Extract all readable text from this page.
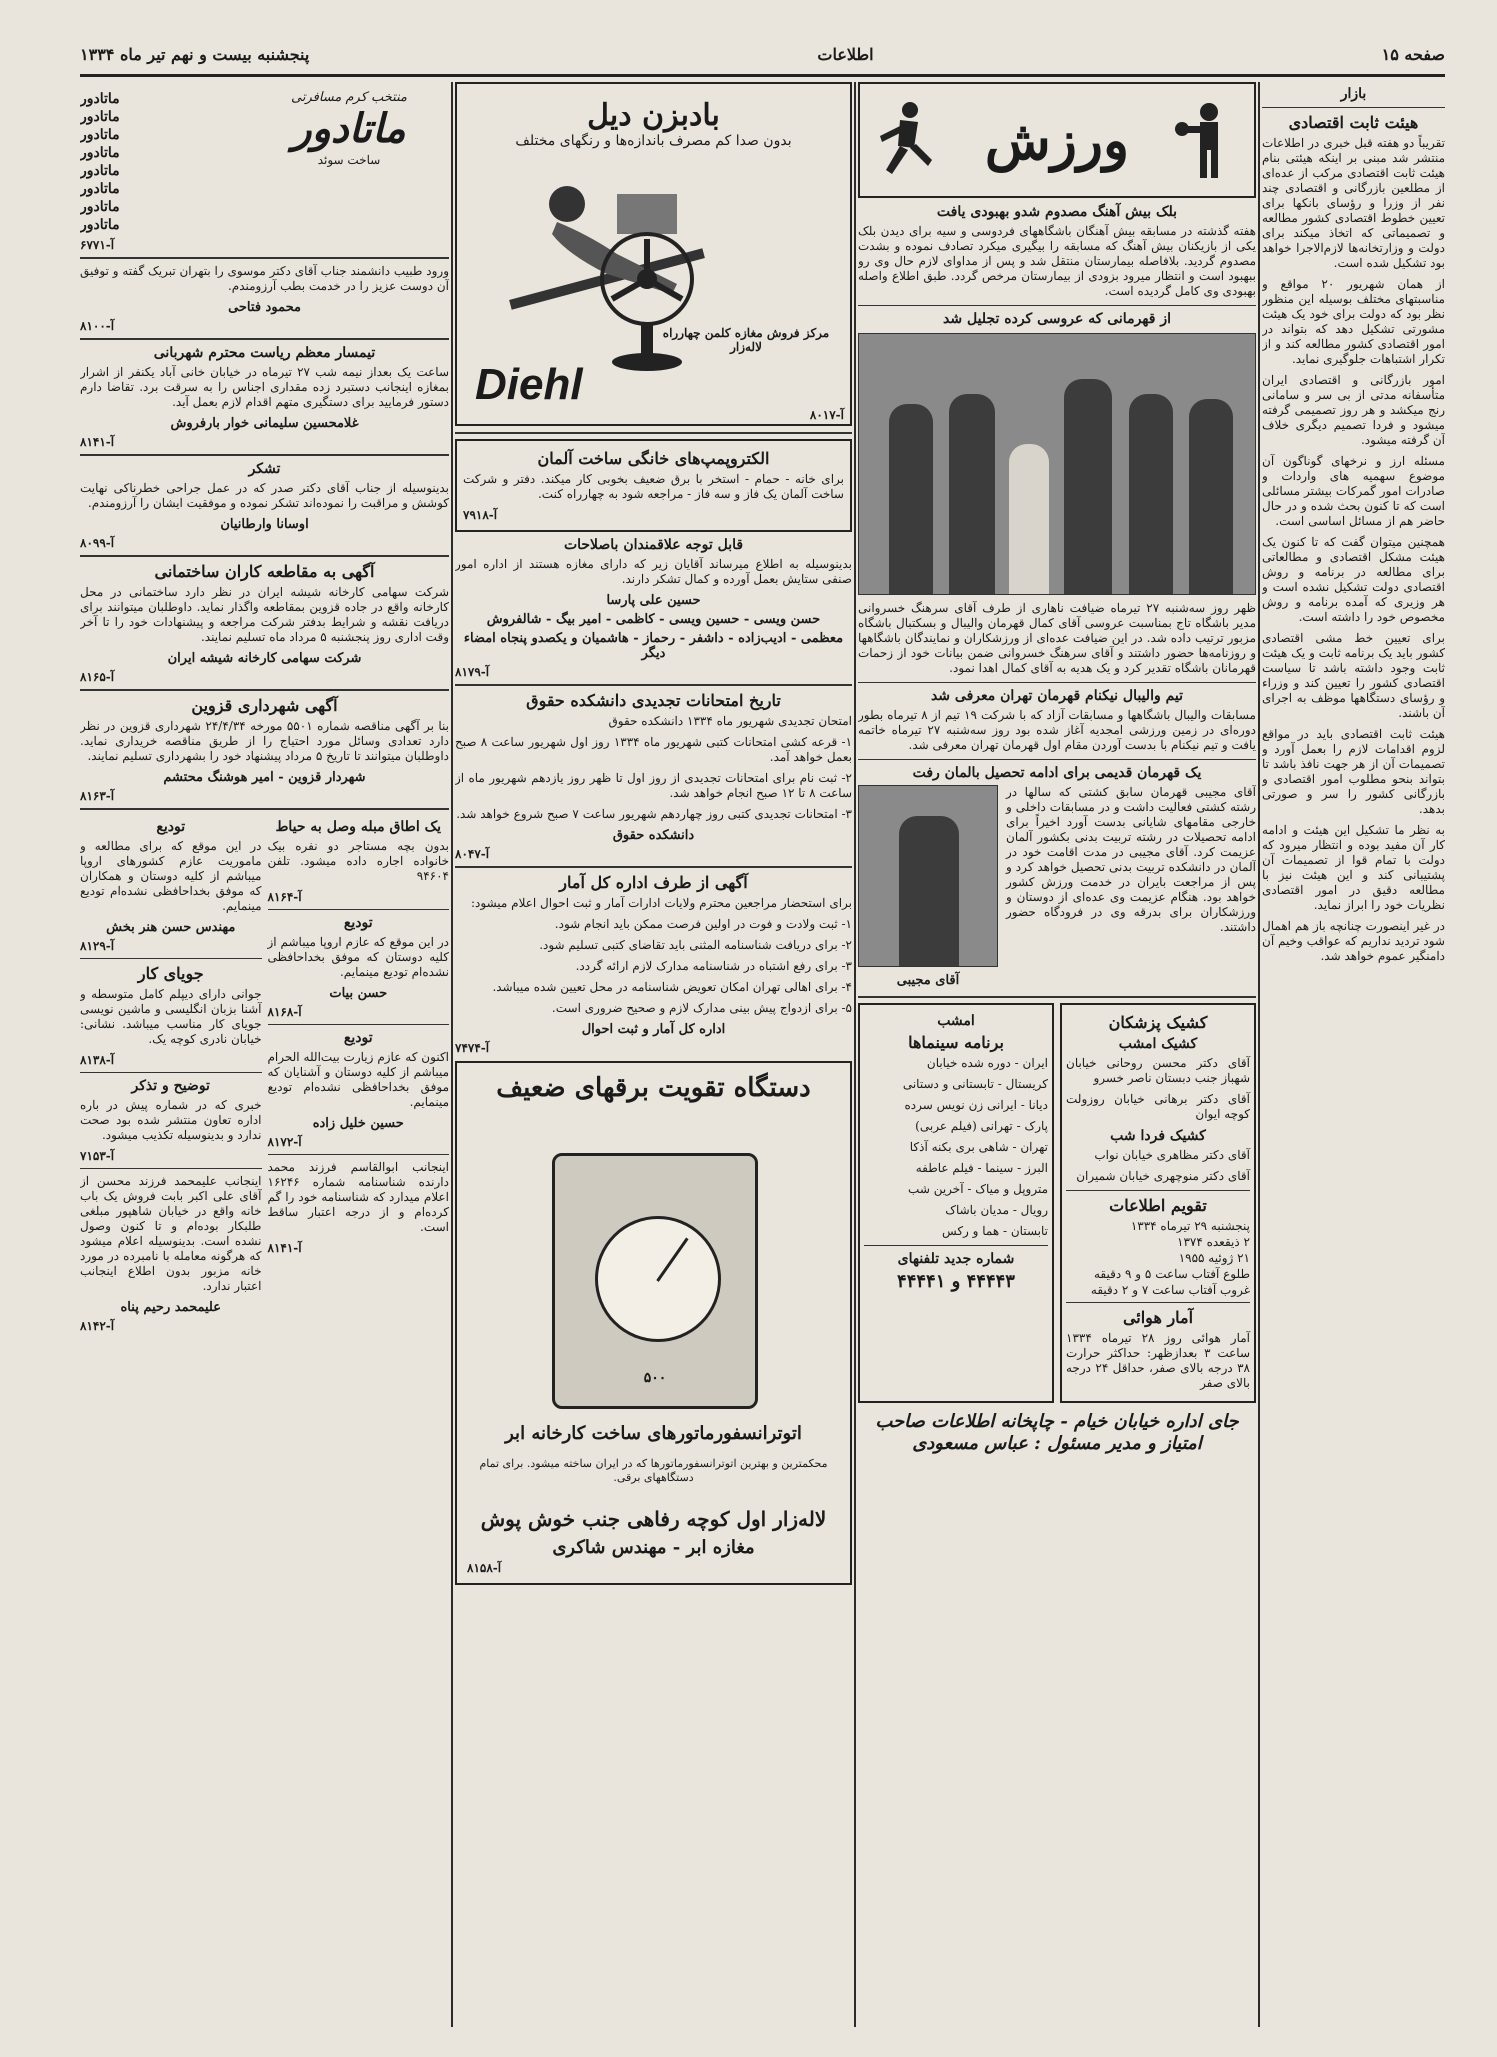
صفحه ۱۵
اطلاعات
پنجشنبه بیست و نهم تیر ماه ۱۳۳۴
بازار
هیئت ثابت اقتصادی

تقریباً دو هفته قبل خبری در اطلاعات منتشر شد مبنی بر اینکه هیئتی بنام هیئت ثابت اقتصادی مرکب از عده‌ای از مطلعین بازرگانی و اقتصادی چند نفر از وزرا و رؤسای بانکها برای تعیین خطوط اقتصادی کشور مطالعه و تصمیماتی که اتخاذ میکند برای دولت و وزارتخانه‌ها لازم‌الاجرا خواهد بود تشکیل شده است.

از همان شهریور ۲۰ مواقع و مناسبتهای مختلف بوسیله این منظور نظر بود که دولت برای خود یک هیئت مشورتی تشکیل دهد که بتواند در امور اقتصادی کشور مطالعه کند و از تکرار اشتباهات جلوگیری نماید.

امور بازرگانی و اقتصادی ایران متأسفانه مدتی از بی سر و سامانی رنج میکشد و هر روز تصمیمی گرفته میشود و فردا تصمیم دیگری خلاف آن گرفته میشود.

مسئله ارز و نرخهای گوناگون آن موضوع سهمیه های واردات و صادرات امور گمرکات بیشتر مسائلی است که تا کنون بحث شده و در حال حاضر هم از مسائل اساسی است.

همچنین میتوان گفت که تا کنون یک هیئت مشکل اقتصادی و مطالعاتی برای مطالعه در برنامه و روش اقتصادی دولت تشکیل نشده است و هر وزیری که آمده برنامه و روش مخصوص خود را داشته است.

برای تعیین خط مشی اقتصادی کشور باید یک برنامه ثابت و یک هیئت ثابت وجود داشته باشد تا سیاست اقتصادی کشور را تعیین کند و وزراء و رؤسای دستگاهها موظف به اجرای آن باشند.

هیئت ثابت اقتصادی باید در مواقع لزوم اقدامات لازم را بعمل آورد و تصمیمات آن از هر جهت نافذ باشد تا بتواند بنحو مطلوب امور اقتصادی و بازرگانی کشور را سر و صورتی بدهد.

به نظر ما تشکیل این هیئت و ادامه کار آن مفید بوده و انتظار میرود که دولت با تمام قوا از تصمیمات آن پشتیبانی کند و این هیئت نیز با مطالعه دقیق در امور اقتصادی نظریات خود را ابراز نماید.

در غیر اینصورت چنانچه باز هم اهمال شود تردید نداریم که عواقب وخیم آن دامنگیر عموم خواهد شد.

ورزش
بلک بیش آهنگ مصدوم شدو بهبودی یافت

هفته گذشته در مسابقه بیش آهنگان باشگاههای فردوسی و سیه برای دیدن بلک یکی از بازیکنان بیش آهنگ که مسابقه را بیگیری میکرد تصادف نموده و بشدت مصدوم گردید. بلافاصله بیمارستان منتقل شد و پس از مداوای لازم حال وی رو ببهبود است و انتظار میرود بزودی از بیمارستان مرخص گردد. طبق اطلاع واصله بهبودی وی کامل گردیده است.

از قهرمانی که عروسی کرده تجلیل شد

ظهر روز سه‌شنبه ۲۷ تیرماه ضیافت ناهاری از طرف آقای سرهنگ خسروانی مدیر باشگاه تاج بمناسبت عروسی آقای کمال قهرمان والیبال و بسکتبال باشگاه مزبور ترتیب داده شد. در این ضیافت عده‌ای از ورزشکاران و نمایندگان باشگاهها و روزنامه‌ها حضور داشتند و آقای سرهنگ خسروانی ضمن بیانات خود از زحمات قهرمانان باشگاه تقدیر کرد و یک هدیه به آقای کمال اهدا نمود.

تیم والیبال نیکنام قهرمان تهران معرفی شد

مسابقات والیبال باشگاهها و مسابقات آزاد که با شرکت ۱۹ تیم از ۸ تیرماه بطور دوره‌ای در زمین ورزشی امجدیه آغاز شده بود روز سه‌شنبه ۲۷ تیرماه خاتمه یافت و تیم نیکنام با بدست آوردن مقام اول قهرمان تهران معرفی شد.

یک قهرمان قدیمی برای ادامه تحصیل بالمان رفت

آقای مجیبی قهرمان سابق کشتی که سالها در رشته کشتی فعالیت داشت و در مسابقات داخلی و خارجی مقامهای شایانی بدست آورد اخیراً برای ادامه تحصیلات در رشته تربیت بدنی بکشور آلمان عزیمت کرد. آقای مجیبی در مدت اقامت خود در آلمان در دانشکده تربیت بدنی تحصیل خواهد کرد و پس از مراجعت بایران در خدمت ورزش کشور خواهد بود. هنگام عزیمت وی عده‌ای از دوستان و ورزشکاران برای بدرقه وی در فرودگاه حضور داشتند.

آقای مجیبی
کشیک پزشکان
کشیک امشب

آقای دکتر محسن روحانی خیابان شهباز جنب دبستان ناصر خسرو

آقای دکتر برهانی خیابان روزولت کوچه ایوان

کشیک فردا شب

آقای دکتر مظاهری خیابان نواب

آقای دکتر منوچهری خیابان شمیران

تقویم اطلاعات
پنجشنبه ۲۹ تیرماه ۱۳۳۴
۲ ذیقعده ۱۳۷۴
۲۱ ژوئیه ۱۹۵۵
طلوع آفتاب ساعت ۵ و ۹ دقیقه
غروب آفتاب ساعت ۷ و ۲ دقیقه
آمار هوائی

آمار هوائی روز ۲۸ تیرماه ۱۳۳۴ ساعت ۳ بعدازظهر: حداکثر حرارت ۳۸ درجه بالای صفر، حداقل ۲۴ درجه بالای صفر

امشب
برنامه سینماها

ایران - دوره شده خیابان

کریستال - تابستانی و دستانی

دیانا - ایرانی زن نویس سرده

پارک - تهرانی (فیلم عربی)

تهران - شاهی بری بکنه آذکا

البرز - سینما - فیلم عاطفه

متروپل و میاک - آخرین شب

رویال - مدیان باشاک

تابستان - هما و رکس

شماره جدید تلفنهای
۴۴۴۴۳ و ۴۴۴۴۱
جای اداره خیابان خیام - چاپخانه اطلاعات صاحب امتیاز و مدیر مسئول : عباس مسعودی
بادبزن دیل
بدون صدا کم مصرف باندازه‌ها و رنگهای مختلف
مرکز فروش مغازه کلمن چهارراه لاله‌زار
Diehl
آ-۸۰۱۷
الکتروپمپ‌های خانگی ساخت آلمان

برای خانه - حمام - استخر با برق ضعیف بخوبی کار میکند. دفتر و شرکت ساخت آلمان یک فاز و سه فاز - مراجعه شود به چهارراه کنت.

آ-۷۹۱۸
قابل توجه علاقمندان باصلاحات

بدینوسیله به اطلاع میرساند آقایان زیر که دارای مغازه هستند از اداره امور صنفی ستایش بعمل آورده و کمال تشکر دارند.

حسین علی پارسا
حسن ویسی - حسین ویسی - کاظمی - امیر بیگ - شالفروش
معظمی - ادیب‌زاده - داشفر - رحماز - هاشمیان و یکصدو پنجاه امضاء دیگر
آ-۸۱۷۹
تاریخ امتحانات تجدیدی دانشکده حقوق

امتحان تجدیدی شهریور ماه ۱۳۳۴ دانشکده حقوق

۱- قرعه کشی امتحانات کتبی شهریور ماه ۱۳۳۴ روز اول شهریور ساعت ۸ صبح بعمل خواهد آمد.

۲- ثبت نام برای امتحانات تجدیدی از روز اول تا ظهر روز یازدهم شهریور ماه از ساعت ۸ تا ۱۲ صبح انجام خواهد شد.

۳- امتحانات تجدیدی کتبی روز چهاردهم شهریور ساعت ۷ صبح شروع خواهد شد.

دانشکده حقوق
آ-۸۰۴۷
آگهی از طرف اداره کل آمار

برای استحضار مراجعین محترم ولایات ادارات آمار و ثبت احوال اعلام میشود:

۱- ثبت ولادت و فوت در اولین فرصت ممکن باید انجام شود.

۲- برای دریافت شناسنامه المثنی باید تقاضای کتبی تسلیم شود.

۳- برای رفع اشتباه در شناسنامه مدارک لازم ارائه گردد.

۴- برای اهالی تهران امکان تعویض شناسنامه در محل تعیین شده میباشد.

۵- برای ازدواج پیش بینی مدارک لازم و صحیح ضروری است.

اداره کل آمار و ثبت احوال
آ-۷۴۷۴
دستگاه تقویت برقهای ضعیف
۵۰۰
اتوترانسفورماتورهای ساخت کارخانه ابر
محکمترین و بهترین اتوترانسفورماتورها که در ایران ساخته میشود. برای تمام دستگاههای برقی.
لاله‌زار اول کوچه رفاهی جنب خوش پوش
مغازه ابر - مهندس شاکری
آ-۸۱۵۸
منتخب کرم مسافرتی
ماتادور
ساخت سوئد
ماتادور
ماتادور
ماتادور
ماتادور
ماتادور
ماتادور
ماتادور
ماتادور
آ-۶۷۷۱

ورود طبیب دانشمند جناب آقای دکتر موسوی را بتهران تبریک گفته و توفیق آن دوست عزیز را در خدمت بطب آرزومندم.

محمود فتاحی
آ-۸۱۰۰
تیمسار معظم ریاست محترم شهربانی

ساعت یک بعداز نیمه شب ۲۷ تیرماه در خیابان خانی آباد یکنفر از اشرار بمغازه اینجانب دستبرد زده مقداری اجناس را به سرقت برد. تقاضا دارم دستور فرمایید برای دستگیری متهم اقدام لازم بعمل آید.

غلامحسین سلیمانی خوار بارفروش
آ-۸۱۴۱
تشکر

بدینوسیله از جناب آقای دکتر صدر که در عمل جراحی خطرناکی نهایت کوشش و مراقبت را نموده‌اند تشکر نموده و موفقیت ایشان را آرزومندم.

اوسانا وارطانیان
آ-۸۰۹۹
آگهی به مقاطعه کاران ساختمانی

شرکت سهامی کارخانه شیشه ایران در نظر دارد ساختمانی در محل کارخانه واقع در جاده قزوین بمقاطعه واگذار نماید. داوطلبان میتوانند برای دریافت نقشه و شرایط بدفتر شرکت مراجعه و پیشنهادات خود را تا آخر وقت اداری روز پنجشنبه ۵ مرداد ماه تسلیم نمایند.

شرکت سهامی کارخانه شیشه ایران
آ-۸۱۶۵
آگهی شهرداری قزوین

بنا بر آگهی مناقصه شماره ۵۵۰۱ مورخه ۲۴/۴/۳۴ شهرداری قزوین در نظر دارد تعدادی وسائل مورد احتیاج را از طریق مناقصه خریداری نماید. داوطلبان میتوانند تا تاریخ ۵ مرداد پیشنهاد خود را بشهرداری تسلیم نمایند.

شهردار قزوین - امیر هوشنگ محتشم
آ-۸۱۶۳
یک اطاق مبله وصل به حیاط

بدون بچه مستاجر دو نفره بیک خانواده اجاره داده میشود. تلفن ۹۴۶۰۴

آ-۸۱۶۴
تودیع

در این موقع که عازم اروپا میباشم از کلیه دوستان که موفق بخداحافظی نشده‌ام تودیع مینمایم.

حسن بیات
آ-۸۱۶۸
تودیع

اکنون که عازم زیارت بیت‌الله الحرام میباشم از کلیه دوستان و آشنایان که موفق بخداحافظی نشده‌ام تودیع مینمایم.

حسین خلیل زاده
آ-۸۱۷۲

اینجانب ابوالقاسم فرزند محمد دارنده شناسنامه شماره ۱۶۲۴۶ اعلام میدارد که شناسنامه خود را گم کرده‌ام و از درجه اعتبار ساقط است.

آ-۸۱۴۱
تودیع

در این موقع که برای مطالعه و ماموریت عازم کشورهای اروپا میباشم از کلیه دوستان و همکاران که موفق بخداحافظی نشده‌ام تودیع مینمایم.

مهندس حسن هنر بخش
آ-۸۱۲۹
جویای کار

جوانی دارای دیپلم کامل متوسطه و آشنا بزبان انگلیسی و ماشین نویسی جویای کار مناسب میباشد. نشانی: خیابان نادری کوچه یک.

آ-۸۱۳۸
توضیح و تذکر

خبری که در شماره پیش در باره اداره تعاون منتشر شده بود صحت ندارد و بدینوسیله تکذیب میشود.

آ-۷۱۵۳

اینجانب علیمحمد فرزند محسن از آقای علی اکبر بابت فروش یک باب خانه واقع در خیابان شاهپور مبلغی طلبکار بوده‌ام و تا کنون وصول نشده است. بدینوسیله اعلام میشود که هرگونه معامله با نامبرده در مورد خانه مزبور بدون اطلاع اینجانب اعتبار ندارد.

علیمحمد رحیم پناه
آ-۸۱۴۲
